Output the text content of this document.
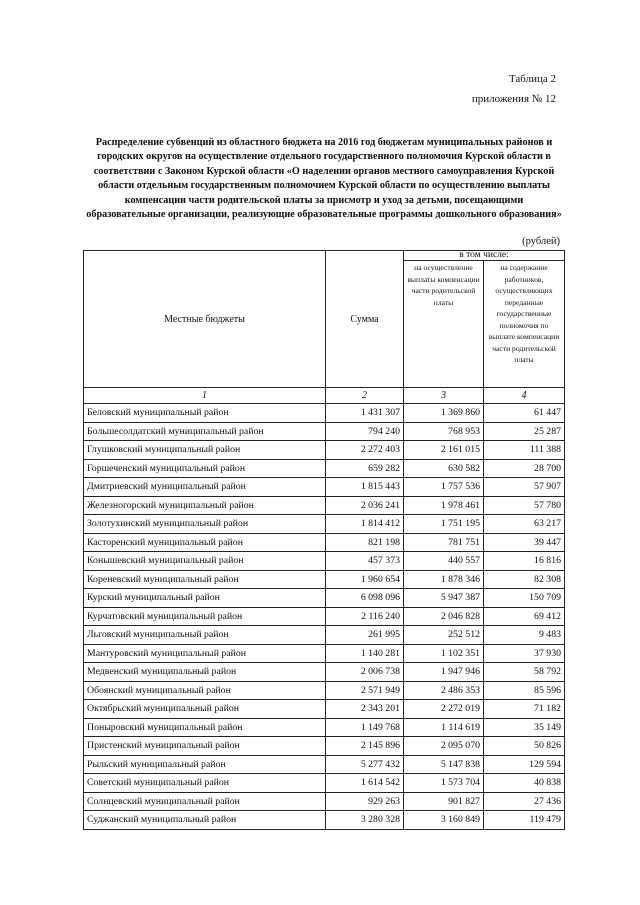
Таблица 2
приложения № 12
Распределение субвенций из областного бюджета на 2016 год бюджетам муниципальных районов и городских округов на осуществление отдельного государственного полномочия Курской области в соответствии с Законом Курской области «О наделении органов местного самоуправления Курской области отдельным государственным полномочием Курской области по осуществлению выплаты компенсации части родительской платы за присмотр и уход за детьми, посещающими образовательные организации, реализующие образовательные программы дошкольного образования»
(рублей)
Местные бюджеты	Сумма	в том числе:	
		на осуществление выплаты компенсации части родительской платы	на содержание работников, осуществляющих переданные государственные полномочия по выплате компенсации части родительской платы
1	2	3	4
Беловский муниципальный район	1 431 307	1 369 860	61 447
Большесолдатский муниципальный район	794 240	768 953	25 287
Глушковский муниципальный район	2 272 403	2 161 015	111 388
Горшеченский муниципальный район	659 282	630 582	28 700
Дмитриевский муниципальный район	1 815 443	1 757 536	57 907
Железногорский муниципальный район	2 036 241	1 978 461	57 780
Золотухинский муниципальный район	1 814 412	1 751 195	63 217
Касторенский муниципальный район	821 198	781 751	39 447
Конышевский муниципальный район	457 373	440 557	16 816
Кореневский муниципальный район	1 960 654	1 878 346	82 308
Курский муниципальный район	6 098 096	5 947 387	150 709
Курчатовский муниципальный район	2 116 240	2 046 828	69 412
Льговский муниципальный район	261 995	252 512	9 483
Мантуровский муниципальный район	1 140 281	1 102 351	37 930
Медвенский муниципальный район	2 006 738	1 947 946	58 792
Обоянский муниципальный район	2 571 949	2 486 353	85 596
Октябрьский муниципальный район	2 343 201	2 272 019	71 182
Поныровский муниципальный район	1 149 768	1 114 619	35 149
Пристенский муниципальный район	2 145 896	2 095 070	50 826
Рыльский муниципальный район	5 277 432	5 147 838	129 594
Советский муниципальный район	1 614 542	1 573 704	40 838
Солнцевский муниципальный район	929 263	901 827	27 436
Суджанский муниципальный район	3 280 328	3 160 849	119 479
